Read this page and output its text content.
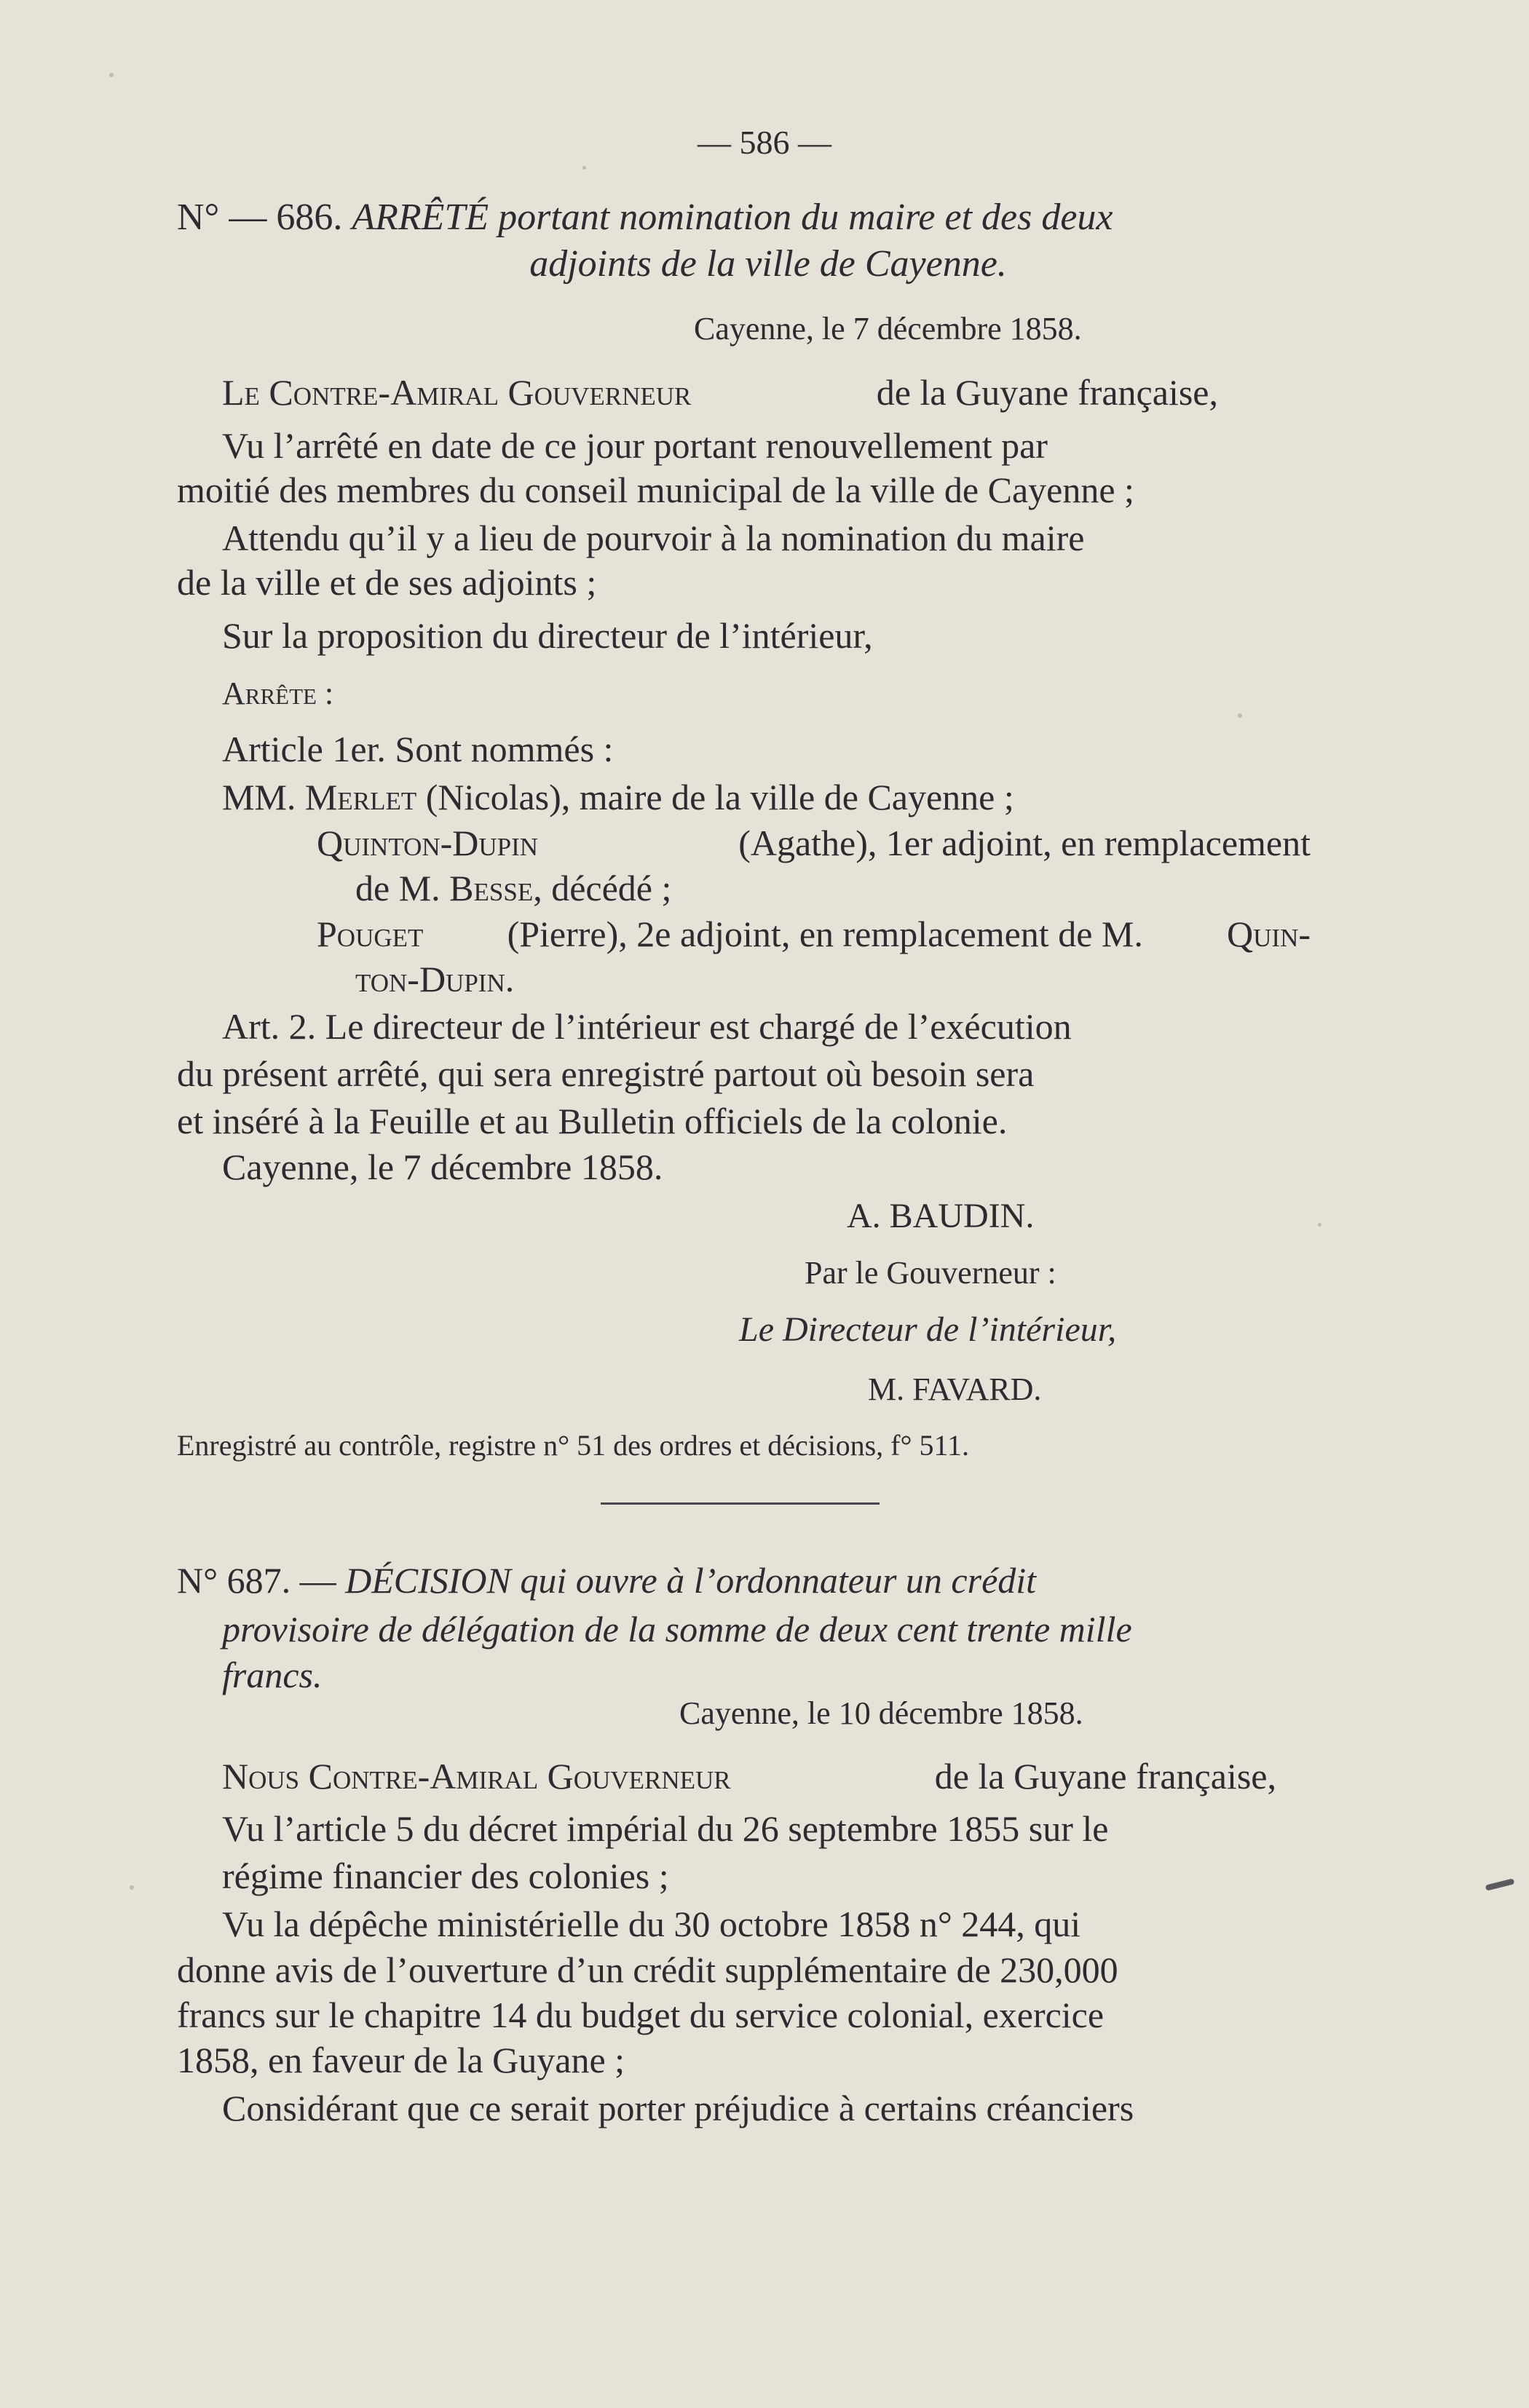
— 586 —
N° — 686. ARRÊTÉ portant nomination du maire et des deux
adjoints de la ville de Cayenne.
Cayenne, le 7 décembre 1858.
Le Contre-Amiral Gouverneur	de la Guyane française,
Vu l’arrêté en date de ce jour portant renouvellement par
moitié des membres du conseil municipal de la ville de Cayenne ;
Attendu qu’il y a lieu de pourvoir à la nomination du maire
de la ville et de ses adjoints ;
Sur la proposition du directeur de l’intérieur,
Arrête :
Article 1er. Sont nommés :
MM. Merlet (Nicolas), maire de la ville de Cayenne ;
Quinton-Dupin	(Agathe), 1er adjoint, en remplacement
de M. Besse, décédé ;
Pouget (Pierre), 2e adjoint, en remplacement de M. Quin-
ton-Dupin.
Art. 2. Le directeur de l’intérieur est chargé de l’exécution
du présent arrêté, qui sera enregistré partout où besoin sera
et inséré à la Feuille et au Bulletin officiels de la colonie.
Cayenne, le 7 décembre 1858.
A. BAUDIN.
Par le Gouverneur :
Le Directeur de l’intérieur,
M. FAVARD.
Enregistré au contrôle, registre n° 51 des ordres et décisions, f° 511.
N° 687. — DÉCISION qui ouvre à l’ordonnateur un crédit
provisoire de délégation de la somme de deux cent trente mille
francs.
Cayenne, le 10 décembre 1858.
Nous Contre-Amiral Gouverneur	de la Guyane française,
Vu l’article 5 du décret impérial du 26 septembre 1855 sur le
régime financier des colonies ;
Vu la dépêche ministérielle du 30 octobre 1858 n° 244, qui
donne avis de l’ouverture d’un crédit supplémentaire de 230,000
francs sur le chapitre 14 du budget du service colonial, exercice
1858, en faveur de la Guyane ;
Considérant que ce serait porter préjudice à certains créanciers
